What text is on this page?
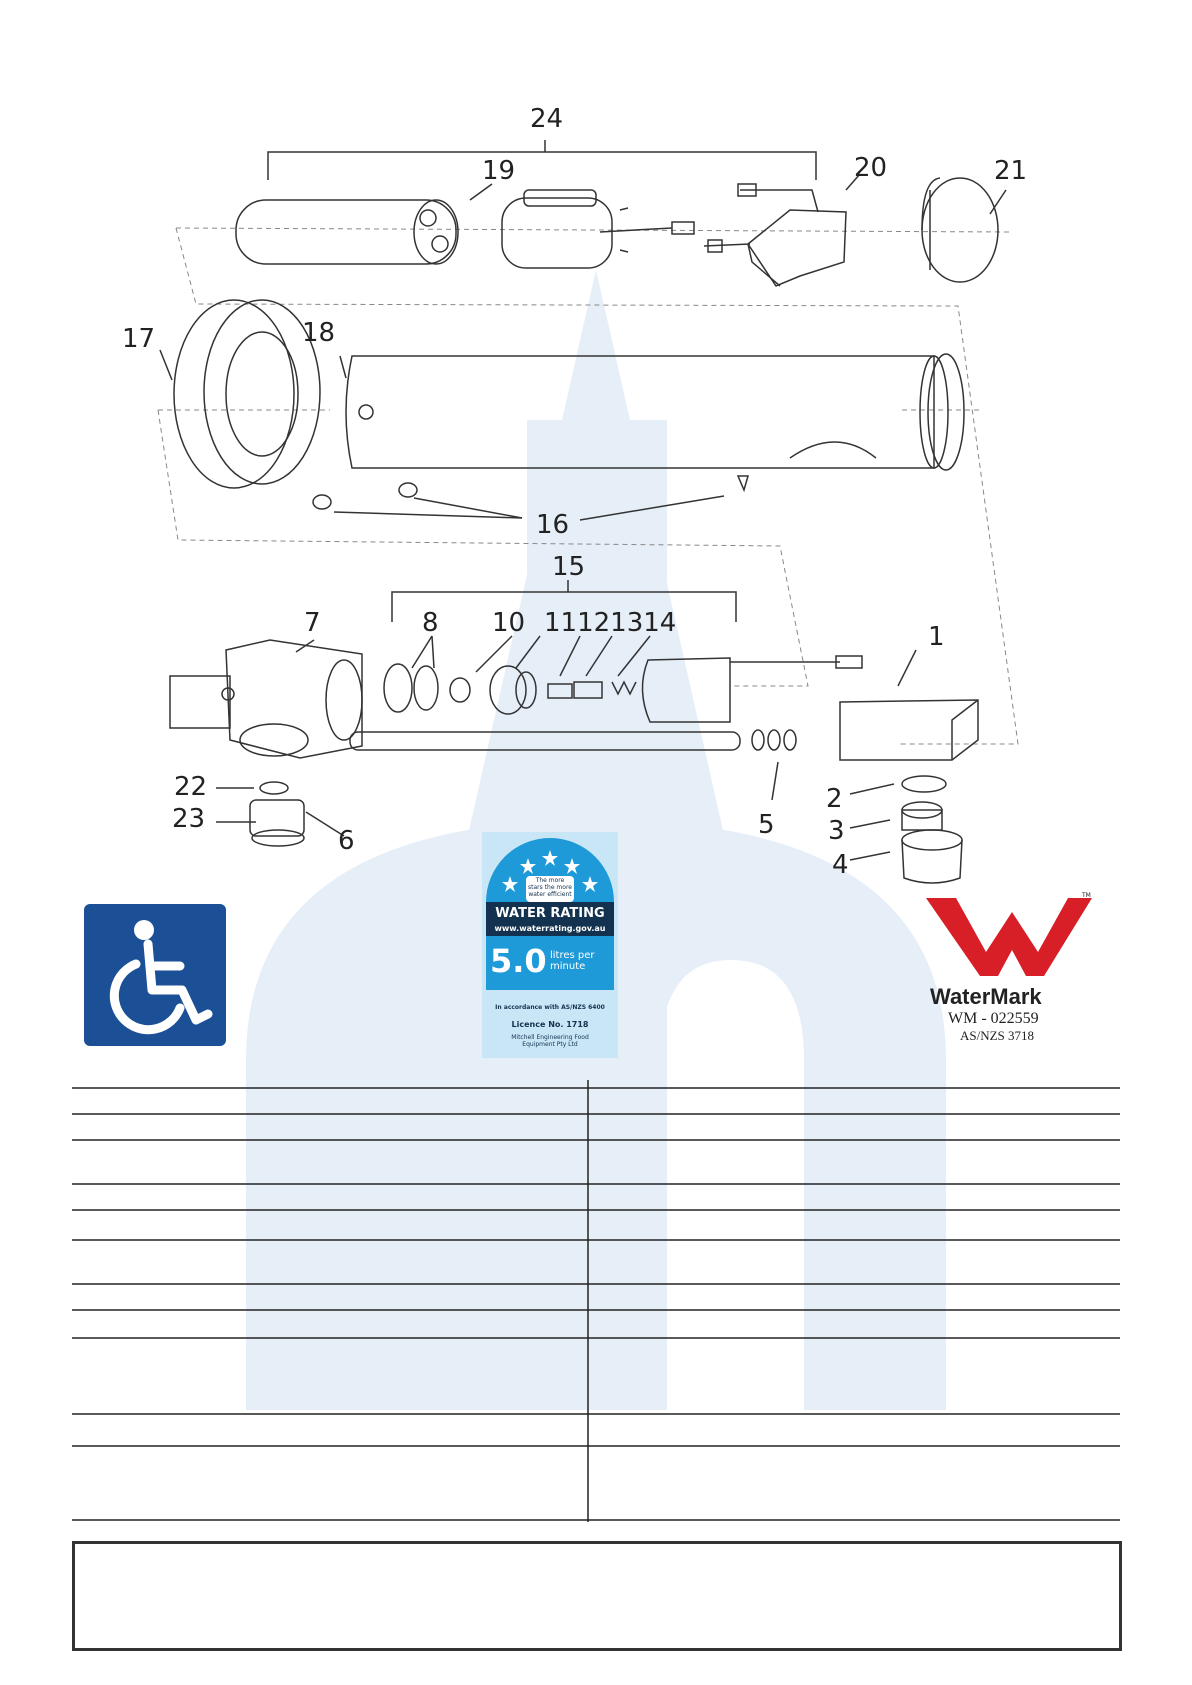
24
19	20	21
17	18
16
15
7	8 10 11121314	1
22
23
6
5
2
3
4
The more stars the more water efficient
WATER RATING
www.waterrating.gov.au
5.0 litres per minute
In accordance with AS/NZS 6400
Licence No. 1718
Mitchell Engineering Food Equipment Pty Ltd
TM
WaterMark
WM - 022559
AS/NZS 3718
